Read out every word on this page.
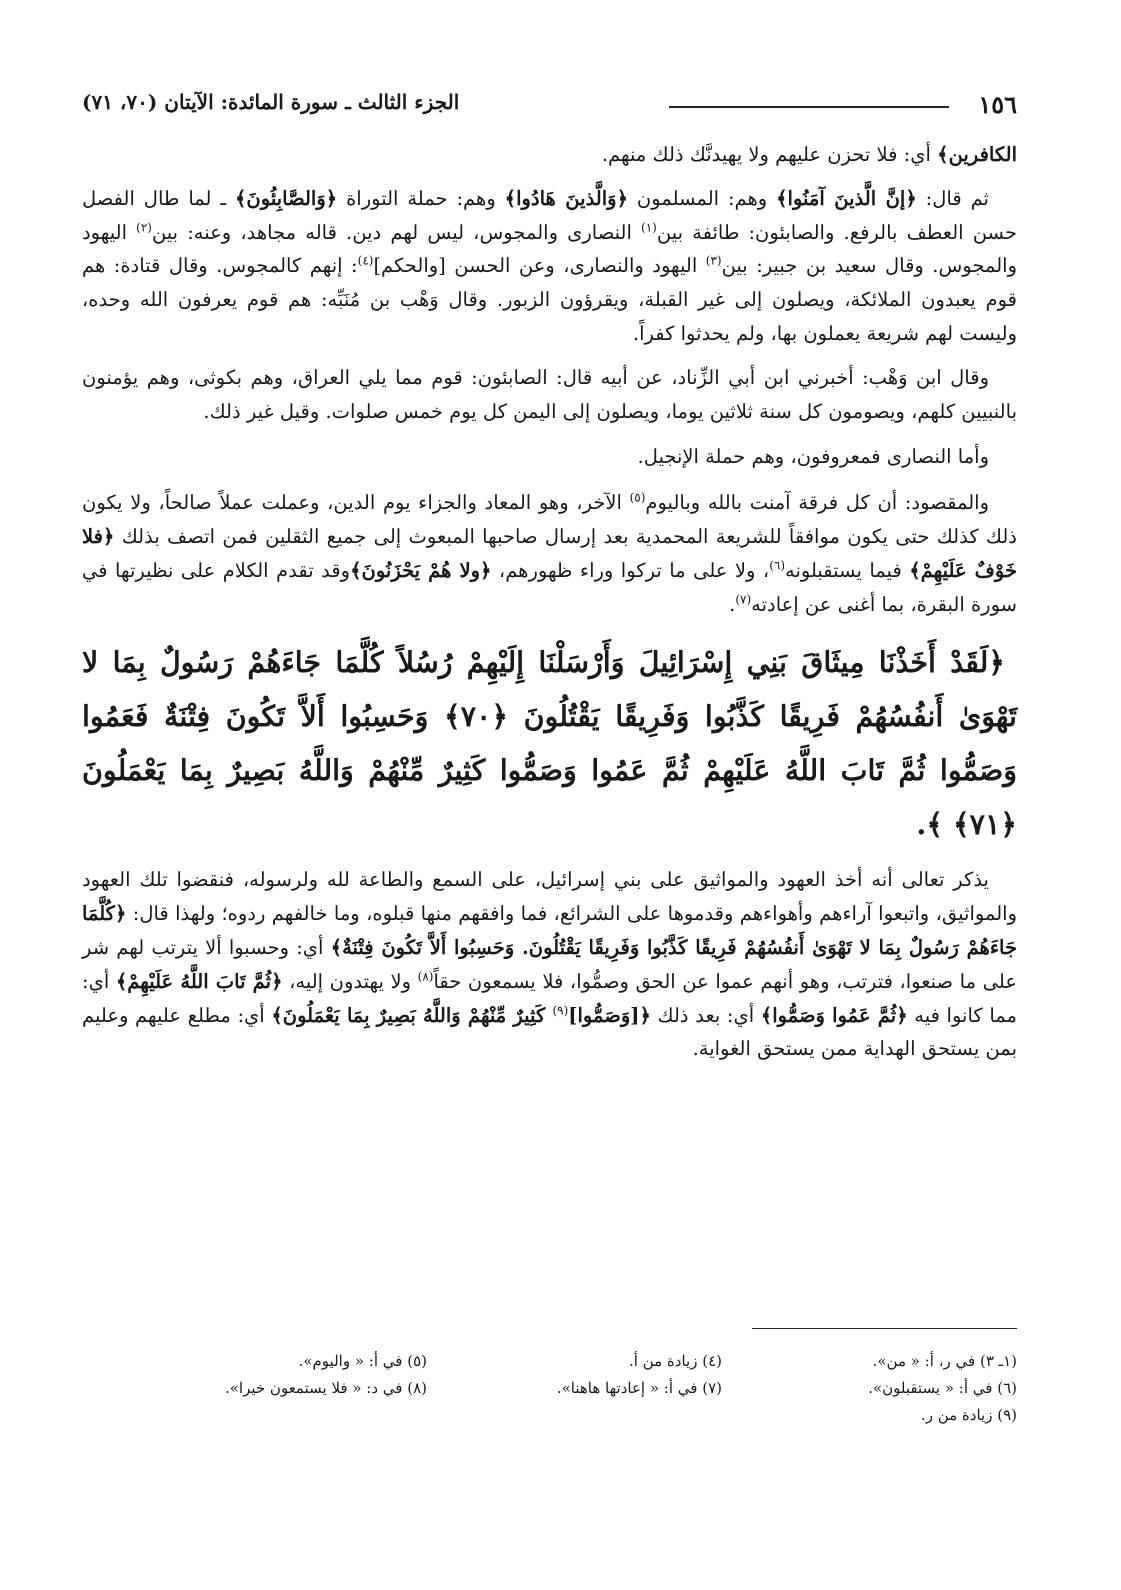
١٥٦
الجزء الثالث ـ سورة المائدة: الآيتان (٧٠، ٧١)

الكافرين﴾ أي: فلا تحزن عليهم ولا يهيدنَّك ذلك منهم.

ثم قال: ﴿إنَّ الَّذينَ آمَنُوا﴾ وهم: المسلمون ﴿وَالَّذينَ هَادُوا﴾ وهم: حملة التوراة ﴿وَالصَّابِئُونَ﴾ ـ لما طال الفصل حسن العطف بالرفع. والصابئون: طائفة بين$^{(١)}$ النصارى والمجوس، ليس لهم دين. قاله مجاهد، وعنه: بين$^{(٢)}$ اليهود والمجوس. وقال سعيد بن جبير: بين$^{(٣)}$ اليهود والنصارى، وعن الحسن [والحكم]$^{(٤)}$: إنهم كالمجوس. وقال قتادة: هم قوم يعبدون الملائكة، ويصلون إلى غير القبلة، ويقرؤون الزبور. وقال وَهْب بن مُنَبِّه: هم قوم يعرفون الله وحده، وليست لهم شريعة يعملون بها، ولم يحدثوا كفراً.

وقال ابن وَهْب: أخبرني ابن أبي الزِّناد، عن أبيه قال: الصابئون: قوم مما يلي العراق، وهم بكوثى، وهم يؤمنون بالنبيين كلهم، ويصومون كل سنة ثلاثين يوما، ويصلون إلى اليمن كل يوم خمس صلوات. وقيل غير ذلك.

وأما النصارى فمعروفون، وهم حملة الإنجيل.

والمقصود: أن كل فرقة آمنت بالله وباليوم$^{(٥)}$ الآخر، وهو المعاد والجزاء يوم الدين، وعملت عملاً صالحاً، ولا يكون ذلك كذلك حتى يكون موافقاً للشريعة المحمدية بعد إرسال صاحبها المبعوث إلى جميع الثقلين فمن اتصف بذلك ﴿فلا خَوْفٌ عَلَيْهِمْ﴾ فيما يستقبلونه$^{(٦)}$، ولا على ما تركوا وراء ظهورهم، ﴿ولا هُمْ يَحْزَنُونَ﴾وقد تقدم الكلام على نظيرتها في سورة البقرة، بما أغنى عن إعادته$^{(٧)}$.

﴿لَقَدْ أَخَذْنَا مِيثَاقَ بَنِي إِسْرَائِيلَ وَأَرْسَلْنَا إِلَيْهِمْ رُسُلاً كُلَّمَا جَاءَهُمْ رَسُولٌ بِمَا لا تَهْوَىٰ أَنفُسُهُمْ فَرِيقًا كَذَّبُوا وَفَرِيقًا يَقْتُلُونَ ﴿٧٠﴾ وَحَسِبُوا أَلاَّ تَكُونَ فِتْنَةٌ فَعَمُوا وَصَمُّوا ثُمَّ تَابَ اللَّهُ عَلَيْهِمْ ثُمَّ عَمُوا وَصَمُّوا كَثِيرٌ مِّنْهُمْ وَاللَّهُ بَصِيرٌ بِمَا يَعْمَلُونَ ﴿٧١﴾ ﴾.

يذكر تعالى أنه أخذ العهود والمواثيق على بني إسرائيل، على السمع والطاعة لله ولرسوله، فنقضوا تلك العهود والمواثيق، واتبعوا آراءهم وأهواءهم وقدموها على الشرائع، فما وافقهم منها قبلوه، وما خالفهم ردوه؛ ولهذا قال: ﴿كُلَّمَا جَاءَهُمْ رَسُولٌ بِمَا لا تَهْوَىٰ أَنفُسُهُمْ فَرِيقًا كَذَّبُوا وَفَرِيقًا يَقْتُلُونَ. وَحَسِبُوا أَلاَّ تَكُونَ فِتْنَةٌ﴾ أي: وحسبوا ألا يترتب لهم شر على ما صنعوا، فترتب، وهو أنهم عموا عن الحق وصمُّوا، فلا يسمعون حقاً$^{(٨)}$ ولا يهتدون إليه، ﴿ثُمَّ تَابَ اللَّهُ عَلَيْهِمْ﴾ أي: مما كانوا فيه ﴿ثُمَّ عَمُوا وَصَمُّوا﴾ أي: بعد ذلك ﴿[وَصَمُّوا]$^{(٩)}$ كَثِيرٌ مِّنْهُمْ وَاللَّهُ بَصِيرٌ بِمَا يَعْمَلُونَ﴾ أي: مطلع عليهم وعليم بمن يستحق الهداية ممن يستحق الغواية.

(١ـ ٣) في ر، أ: « من».
(٤) زيادة من أ.
(٥) في أ: « واليوم».
(٦) في أ: « يستقبلون».
(٧) في أ: « إعادتها هاهنا».
(٨) في د: « فلا يستمعون خيرا».
(٩) زيادة من ر.
